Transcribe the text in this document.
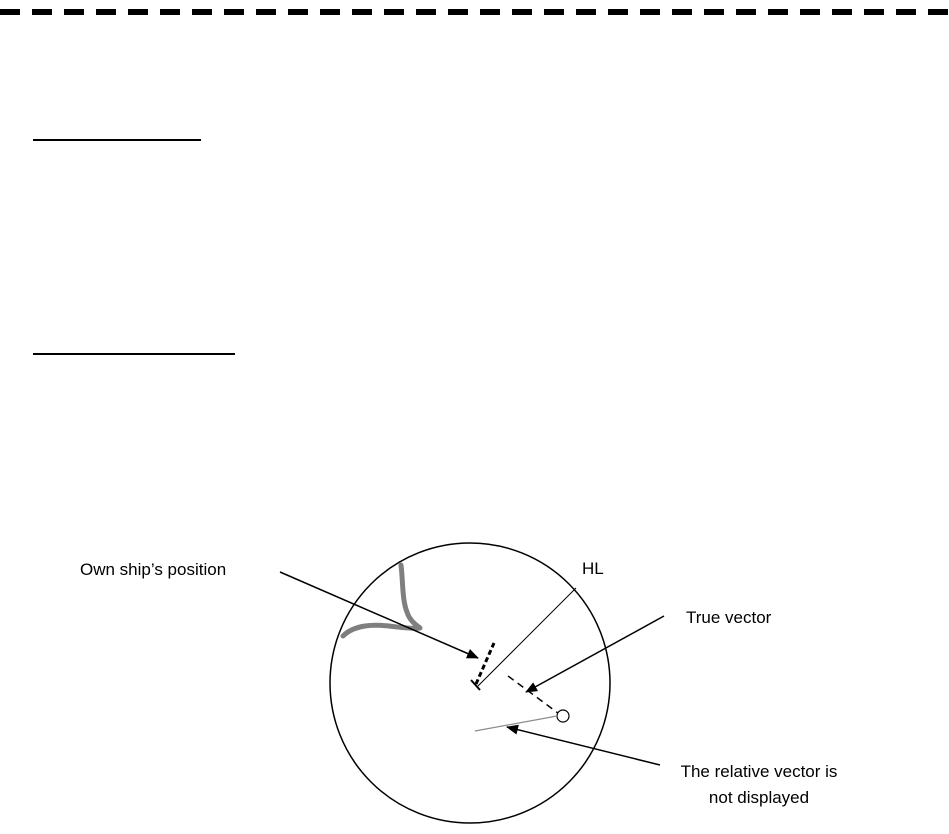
Own ship’s position	HL
True vector
The relative vector is
not displayed
